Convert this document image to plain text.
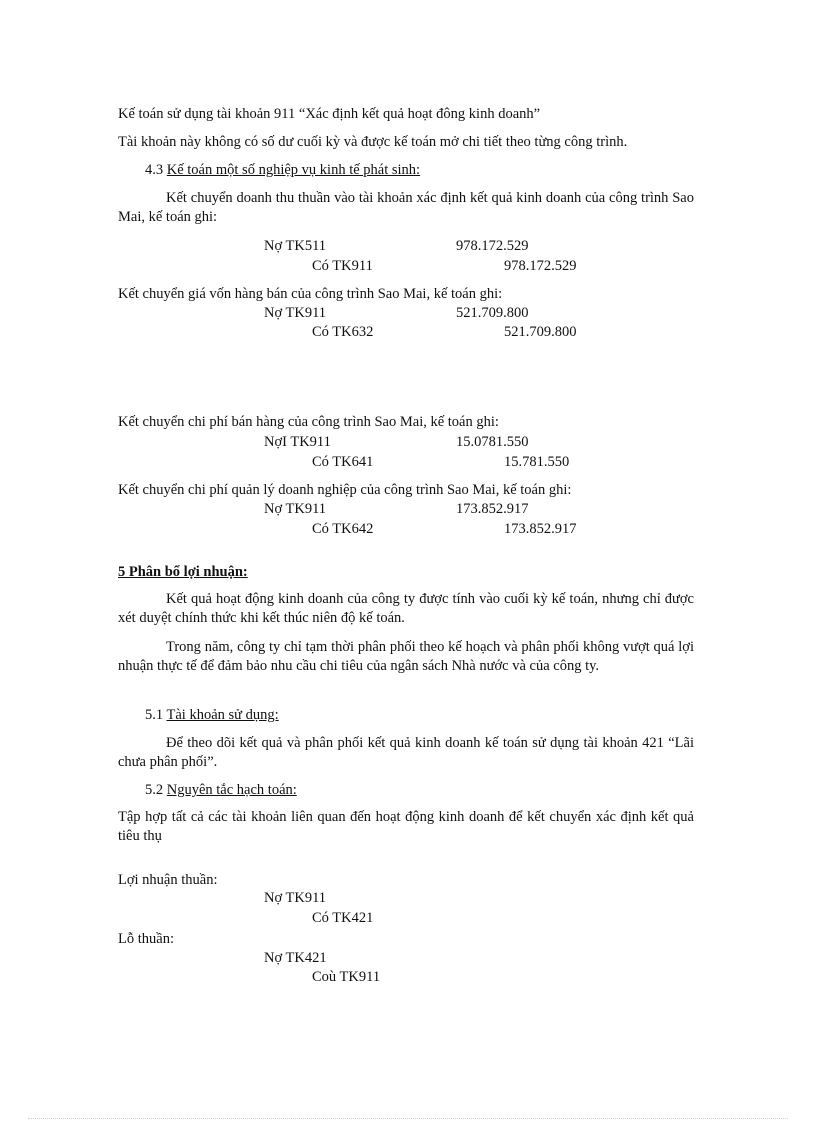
Kế toán sử dụng tài khoản 911 “Xác định kết quả hoạt đông kinh doanh”
Tài khoản này không có số dư cuối kỳ và được kế toán mở chi tiết theo từng công trình.
4.3 Kế toán một số nghiệp vụ kinh tế phát sinh:
Kết chuyển doanh thu thuần vào tài khoản xác định kết quả kinh doanh của công trình Sao Mai, kế toán ghi:
Nợ TK511	978.172.529
Có TK911	978.172.529
Kết chuyển giá vốn hàng bán của công trình Sao Mai, kế toán ghi:
Nợ TK911	521.709.800
Có TK632	521.709.800
Kết chuyển chi phí bán hàng của công trình Sao Mai, kế toán ghi:
NợI TK911	15.0781.550
Có TK641	15.781.550
Kết chuyển chi phí quản lý doanh nghiệp của công trình Sao Mai, kế toán ghi:
Nợ TK911	173.852.917
Có TK642	173.852.917
5 Phân bổ lợi nhuận:
Kết quả hoạt động kinh doanh của công ty được tính vào cuối kỳ kế toán, nhưng chỉ được xét duyệt chính thức khi kết thúc niên độ kế toán.
Trong năm, công ty chỉ tạm thời phân phối theo kế hoạch và phân phối không vượt quá lợi nhuận thực tế để đảm bảo nhu cầu chi tiêu của ngân sách Nhà nước và của công ty.
5.1 Tài khoản sử dụng:
Để theo dõi kết quả và phân phối kết quả kinh doanh kế toán sử dụng tài khoản 421 “Lãi chưa phân phối”.
5.2 Nguyên tắc hạch toán:
Tập hợp tất cả các tài khoản liên quan đến hoạt động kinh doanh để kết chuyển xác định kết quả tiêu thụ
Lợi nhuận thuần:
Nợ TK911
Có TK421
Lỗ thuần:
Nợ TK421
Coù TK911
